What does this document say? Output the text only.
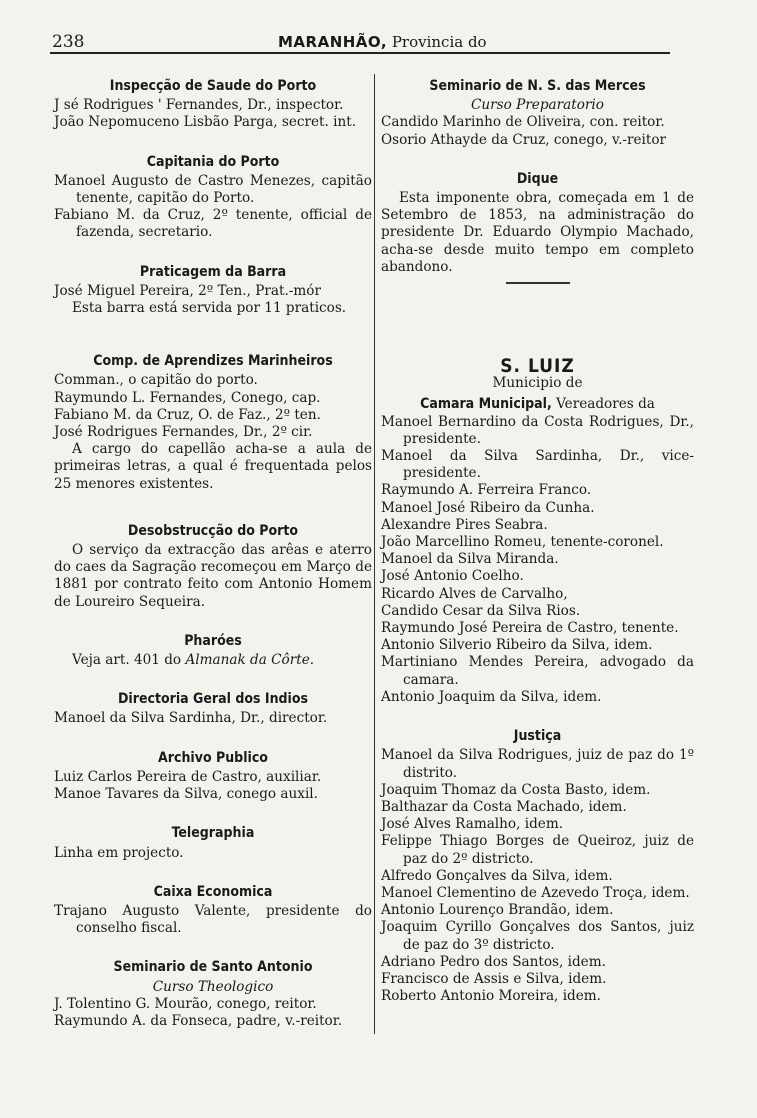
238	MARANHÃO, Provincia do
Inspecção de Saude do Porto
J sé Rodrigues ' Fernandes, Dr., inspector.
João Nepomuceno Lisbão Parga, secret. int.
Capitania do Porto
Manoel Augusto de Castro Menezes, capitão tenente, capitão do Porto.
Fabiano M. da Cruz, 2º tenente, official de fazenda, secretario.
Praticagem da Barra
José Miguel Pereira, 2º Ten., Prat.-mór
Esta barra está servida por 11 praticos.
Comp. de Aprendizes Marinheiros
Comman., o capitão do porto.
Raymundo L. Fernandes, Conego, cap.
Fabiano M. da Cruz, O. de Faz., 2º ten.
José Rodrigues Fernandes, Dr., 2º cir.
A cargo do capellão acha-se a aula de primeiras letras, a qual é frequentada pelos 25 menores existentes.
Desobstrucção do Porto
O serviço da extracção das arêas e aterro do caes da Sagração recomeçou em Março de 1881 por contrato feito com Antonio Homem de Loureiro Sequeira.
Pharóes
Veja art. 401 do Almanak da Côrte.
Directoria Geral dos Indios
Manoel da Silva Sardinha, Dr., director.
Archivo Publico
Luiz Carlos Pereira de Castro, auxiliar.
Manoe Tavares da Silva, conego auxil.
Telegraphia
Linha em projecto.
Caixa Economica
Trajano Augusto Valente, presidente do conselho fiscal.
Seminario de Santo Antonio
Curso Theologico
J. Tolentino G. Mourão, conego, reitor.
Raymundo A. da Fonseca, padre, v.-reitor.
Seminario de N. S. das Merces
Curso Preparatorio
Candido Marinho de Oliveira, con. reitor.
Osorio Athayde da Cruz, conego, v.-reitor
Dique
Esta imponente obra, começada em 1 de Setembro de 1853, na administração do presidente Dr. Eduardo Olympio Machado, acha-se desde muito tempo em completo abandono.
S. LUIZ
Municipio de
Camara Municipal, Vereadores da
Manoel Bernardino da Costa Rodrigues, Dr., presidente.
Manoel da Silva Sardinha, Dr., vice-presidente.
Raymundo A. Ferreira Franco.
Manoel José Ribeiro da Cunha.
Alexandre Pires Seabra.
João Marcellino Romeu, tenente-coronel.
Manoel da Silva Miranda.
José Antonio Coelho.
Ricardo Alves de Carvalho,
Candido Cesar da Silva Rios.
Raymundo José Pereira de Castro, tenente.
Antonio Silverio Ribeiro da Silva, idem.
Martiniano Mendes Pereira, advogado da camara.
Antonio Joaquim da Silva, idem.
Justiça
Manoel da Silva Rodrigues, juiz de paz do 1º distrito.
Joaquim Thomaz da Costa Basto, idem.
Balthazar da Costa Machado, idem.
José Alves Ramalho, idem.
Felippe Thiago Borges de Queiroz, juiz de paz do 2º districto.
Alfredo Gonçalves da Silva, idem.
Manoel Clementino de Azevedo Troça, idem.
Antonio Lourenço Brandão, idem.
Joaquim Cyrillo Gonçalves dos Santos, juiz de paz do 3º districto.
Adriano Pedro dos Santos, idem.
Francisco de Assis e Silva, idem.
Roberto Antonio Moreira, idem.
